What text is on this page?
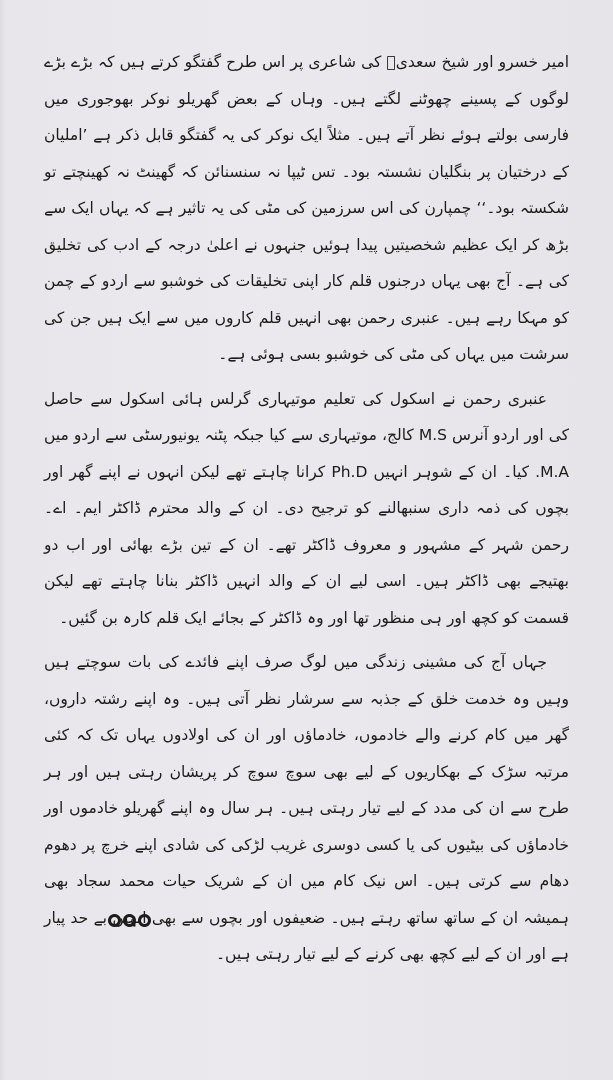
امیر خسرو اور شیخ سعدیؒ کی شاعری پر اس طرح گفتگو کرتے ہیں کہ بڑے بڑے لوگوں کے پسینے چھوٹنے لگتے ہیں۔ وہاں کے بعض گھریلو نوکر بھوجوری میں فارسی بولتے ہوئے نظر آتے ہیں۔ مثلاً ایک نوکر کی یہ گفتگو قابل ذکر ہے ’املیان کے درختیان پر بنگلیان نشستہ بود۔ تس ٹیپا نہ سنسنائن کہ گھینٹ نہ کھینچتے تو شکستہ بود۔‘‘ چمپارن کی اس سرزمین کی مٹی کی یہ تاثیر ہے کہ یہاں ایک سے بڑھ کر ایک عظیم شخصیتیں پیدا ہوئیں جنہوں نے اعلیٰ درجہ کے ادب کی تخلیق کی ہے۔ آج بھی یہاں درجنوں قلم کار اپنی تخلیقات کی خوشبو سے اردو کے چمن کو مہکا رہے ہیں۔ عنبری رحمن بھی انہیں قلم کاروں میں سے ایک ہیں جن کی سرشت میں یہاں کی مٹی کی خوشبو بسی ہوئی ہے۔

عنبری رحمن نے اسکول کی تعلیم موتیہاری گرلس ہائی اسکول سے حاصل کی اور اردو آنرس M.S کالج، موتیہاری سے کیا جبکہ پٹنہ یونیورسٹی سے اردو میں M.A. کیا۔ ان کے شوہر انہیں Ph.D کرانا چاہتے تھے لیکن انہوں نے اپنے گھر اور بچوں کی ذمہ داری سنبھالنے کو ترجیح دی۔ ان کے والد محترم ڈاکٹر ایم۔ اے۔ رحمن شہر کے مشہور و معروف ڈاکٹر تھے۔ ان کے تین بڑے بھائی اور اب دو بھتیجے بھی ڈاکٹر ہیں۔ اسی لیے ان کے والد انہیں ڈاکٹر بنانا چاہتے تھے لیکن قسمت کو کچھ اور ہی منظور تھا اور وہ ڈاکٹر کے بجائے ایک قلم کارہ بن گئیں۔

جہاں آج کی مشینی زندگی میں لوگ صرف اپنے فائدے کی بات سوچتے ہیں وہیں وہ خدمت خلق کے جذبہ سے سرشار نظر آتی ہیں۔ وہ اپنے رشتہ داروں، گھر میں کام کرنے والے خادموں، خادماؤں اور ان کی اولادوں یہاں تک کہ کئی مرتبہ سڑک کے بھکاریوں کے لیے بھی سوچ سوچ کر پریشان رہتی ہیں اور ہر طرح سے ان کی مدد کے لیے تیار رہتی ہیں۔ ہر سال وہ اپنے گھریلو خادموں اور خادماؤں کی بیٹیوں کی یا کسی دوسری غریب لڑکی کی شادی اپنے خرچ پر دھوم دھام سے کرتی ہیں۔ اس نیک کام میں ان کے شریک حیات محمد سجاد بھی ہمیشہ ان کے ساتھ ساتھ رہتے ہیں۔ ضعیفوں اور بچوں سے بھی انہیں بے حد پیار ہے اور ان کے لیے کچھ بھی کرنے کے لیے تیار رہتی ہیں۔
